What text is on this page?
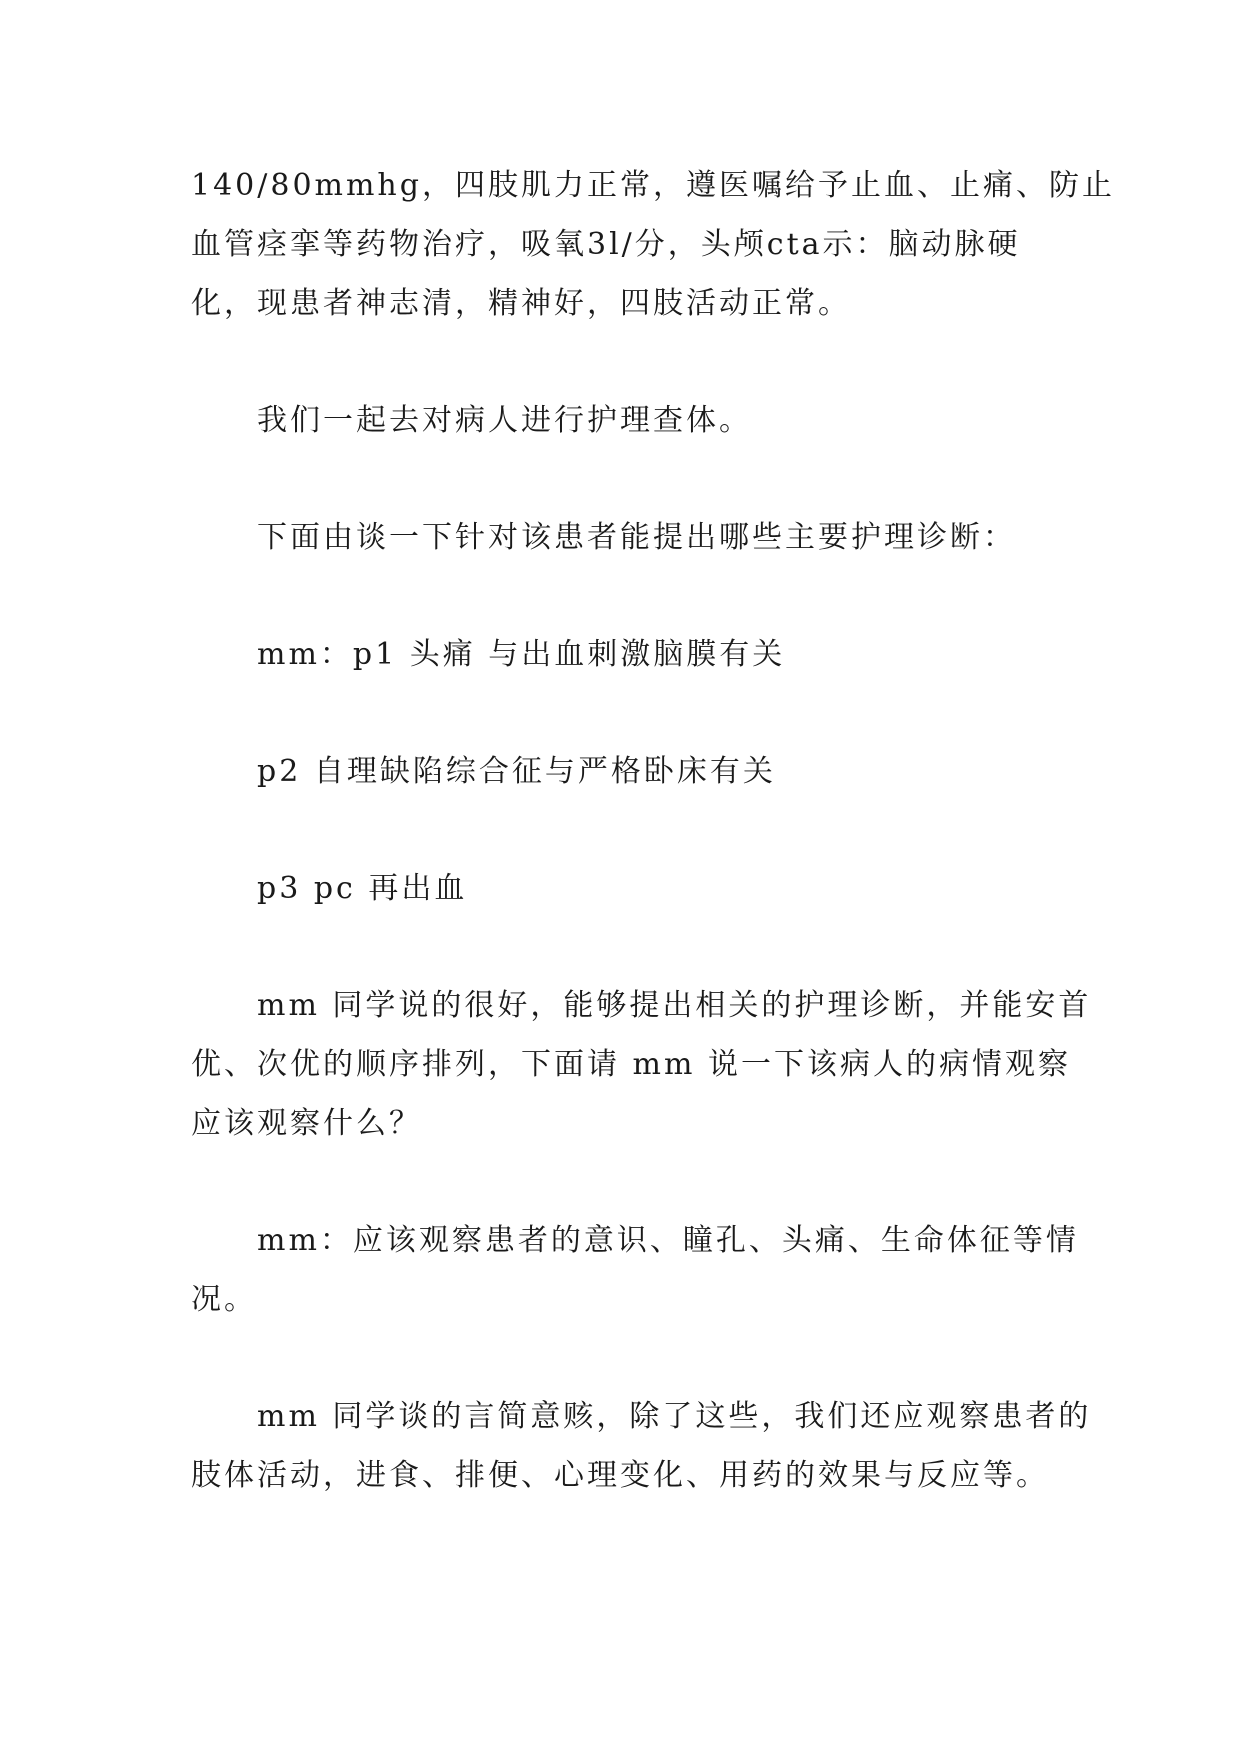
140/80mmhg，四肢肌力正常，遵医嘱给予止血、止痛、防止
血管痉挛等药物治疗，吸氧3l/分，头颅cta示：脑动脉硬
化，现患者神志清，精神好，四肢活动正常。
我们一起去对病人进行护理查体。
下面由谈一下针对该患者能提出哪些主要护理诊断：
mm：p1 头痛 与出血刺激脑膜有关
p2 自理缺陷综合征与严格卧床有关
p3 pc 再出血
mm 同学说的很好，能够提出相关的护理诊断，并能安首
优、次优的顺序排列，下面请 mm 说一下该病人的病情观察
应该观察什么？
mm：应该观察患者的意识、瞳孔、头痛、生命体征等情
况。
mm 同学谈的言简意赅，除了这些，我们还应观察患者的
肢体活动，进食、排便、心理变化、用药的效果与反应等。
